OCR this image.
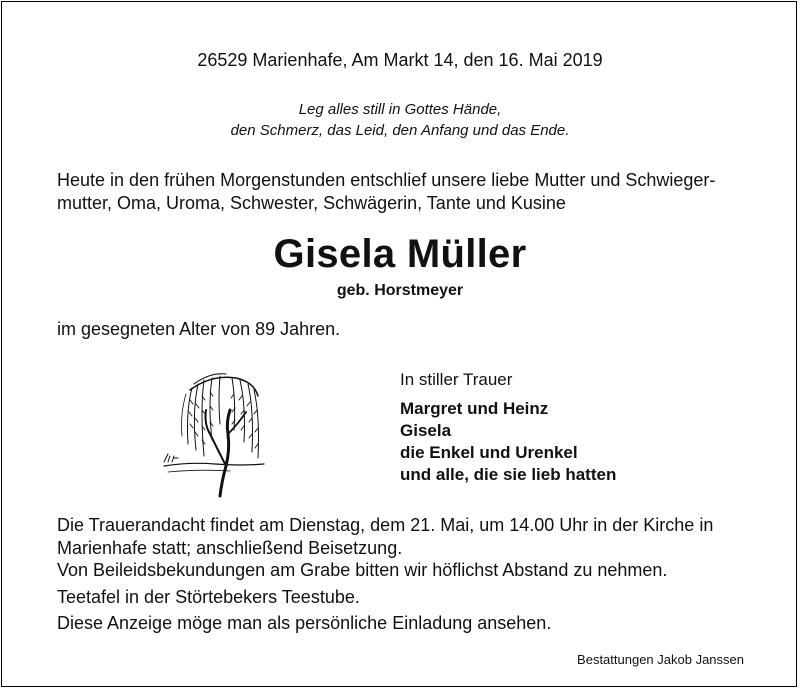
26529 Marienhafe, Am Markt 14, den 16. Mai 2019
Leg alles still in Gottes Hände,
den Schmerz, das Leid, den Anfang und das Ende.
Heute in den frühen Morgenstunden entschlief unsere liebe Mutter und Schwieger-
mutter, Oma, Uroma, Schwester, Schwägerin, Tante und Kusine
Gisela Müller
geb. Horstmeyer
im gesegneten Alter von 89 Jahren.
In stiller Trauer
Margret und Heinz
Gisela
die Enkel und Urenkel
und alle, die sie lieb hatten
Die Trauerandacht findet am Dienstag, dem 21. Mai, um 14.00 Uhr in der Kirche in
Marienhafe statt; anschließend Beisetzung.
Von Beileidsbekundungen am Grabe bitten wir höflichst Abstand zu nehmen.
Teetafel in der Störtebekers Teestube.
Diese Anzeige möge man als persönliche Einladung ansehen.
Bestattungen Jakob Janssen
